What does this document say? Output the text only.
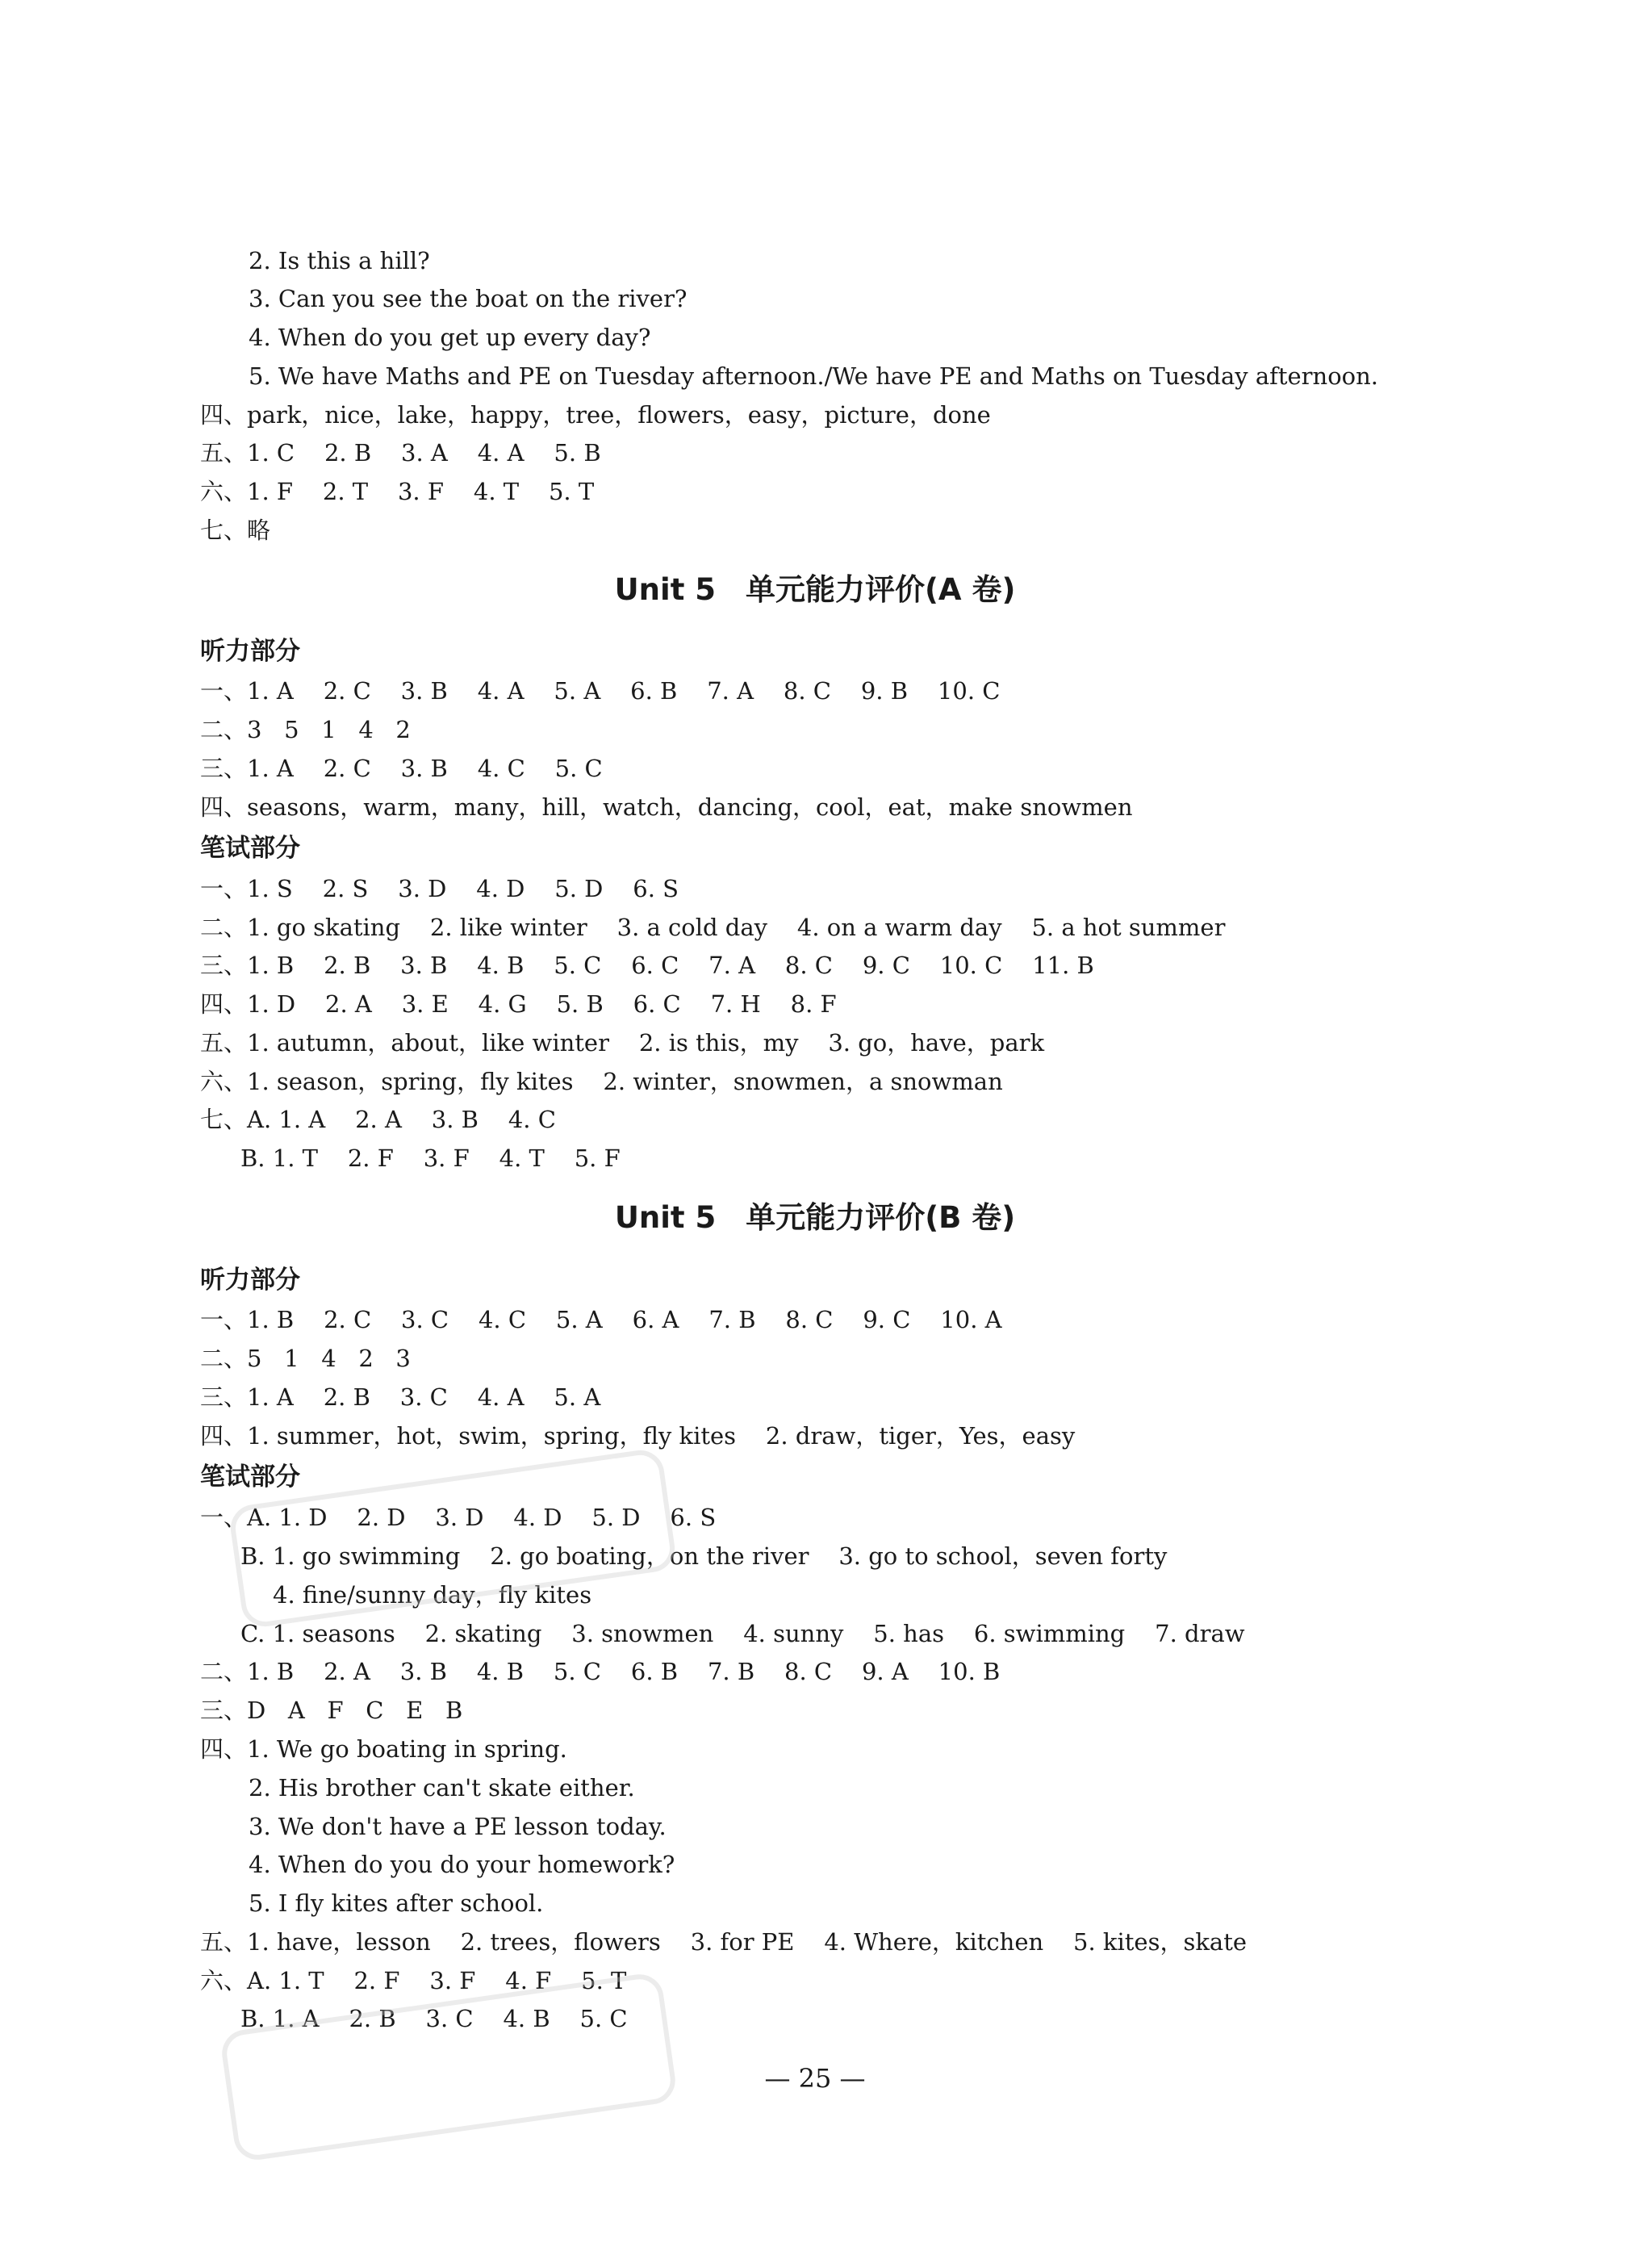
2. Is this a hill?
3. Can you see the boat on the river?
4. When do you get up every day?
5. We have Maths and PE on Tuesday afternoon./We have PE and Maths on Tuesday afternoon.
四、park，nice，lake，happy，tree，flowers，easy，picture，done
五、1. C    2. B    3. A    4. A    5. B
六、1. F    2. T    3. F    4. T    5. T
七、略
Unit 5　单元能力评价(A 卷)
听力部分
一、1. A    2. C    3. B    4. A    5. A    6. B    7. A    8. C    9. B    10. C
二、3   5   1   4   2
三、1. A    2. C    3. B    4. C    5. C
四、seasons，warm，many，hill，watch，dancing，cool，eat，make snowmen
笔试部分
一、1. S    2. S    3. D    4. D    5. D    6. S
二、1. go skating    2. like winter    3. a cold day    4. on a warm day    5. a hot summer
三、1. B    2. B    3. B    4. B    5. C    6. C    7. A    8. C    9. C    10. C    11. B
四、1. D    2. A    3. E    4. G    5. B    6. C    7. H    8. F
五、1. autumn，about，like winter    2. is this，my    3. go，have，park
六、1. season，spring，fly kites    2. winter，snowmen，a snowman
七、A. 1. A    2. A    3. B    4. C
B. 1. T    2. F    3. F    4. T    5. F
Unit 5　单元能力评价(B 卷)
听力部分
一、1. B    2. C    3. C    4. C    5. A    6. A    7. B    8. C    9. C    10. A
二、5   1   4   2   3
三、1. A    2. B    3. C    4. A    5. A
四、1. summer，hot，swim，spring，fly kites    2. draw，tiger，Yes，easy
笔试部分
一、A. 1. D    2. D    3. D    4. D    5. D    6. S
B. 1. go swimming    2. go boating，on the river    3. go to school，seven forty
4. fine/sunny day，fly kites
C. 1. seasons    2. skating    3. snowmen    4. sunny    5. has    6. swimming    7. draw
二、1. B    2. A    3. B    4. B    5. C    6. B    7. B    8. C    9. A    10. B
三、D   A   F   C   E   B
四、1. We go boating in spring.
2. His brother can't skate either.
3. We don't have a PE lesson today.
4. When do you do your homework?
5. I fly kites after school.
五、1. have，lesson    2. trees，flowers    3. for PE    4. Where，kitchen    5. kites，skate
六、A. 1. T    2. F    3. F    4. F    5. T
B. 1. A    2. B    3. C    4. B    5. C
— 25 —
